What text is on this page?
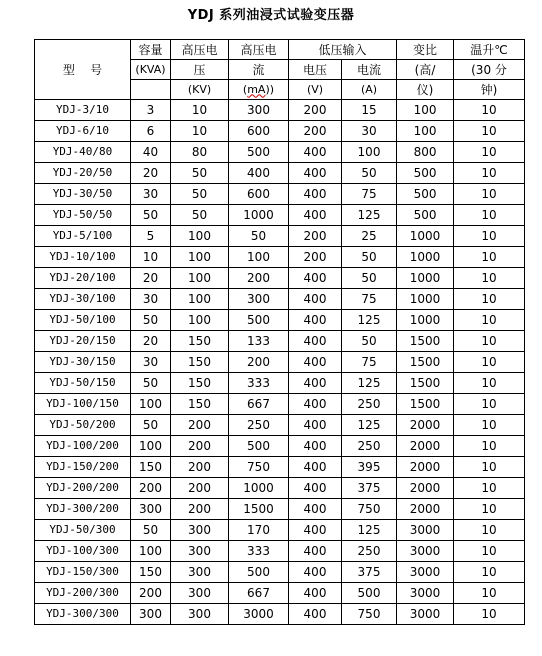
YDJ 系列油浸式试验变压器
型    号	容量	高压电	高压电	低压输入		变比	温升℃
	(KVA)	压	流	电压	电流	(高/	(30 分
		(KV)	(mA))	(V)	(A)	仪)	钟)
YDJ-3/10	3	10	300	200	15	100	10
YDJ-6/10	6	10	600	200	30	100	10
YDJ-40/80	40	80	500	400	100	800	10
YDJ-20/50	20	50	400	400	50	500	10
YDJ-30/50	30	50	600	400	75	500	10
YDJ-50/50	50	50	1000	400	125	500	10
YDJ-5/100	5	100	50	200	25	1000	10
YDJ-10/100	10	100	100	200	50	1000	10
YDJ-20/100	20	100	200	400	50	1000	10
YDJ-30/100	30	100	300	400	75	1000	10
YDJ-50/100	50	100	500	400	125	1000	10
YDJ-20/150	20	150	133	400	50	1500	10
YDJ-30/150	30	150	200	400	75	1500	10
YDJ-50/150	50	150	333	400	125	1500	10
YDJ-100/150	100	150	667	400	250	1500	10
YDJ-50/200	50	200	250	400	125	2000	10
YDJ-100/200	100	200	500	400	250	2000	10
YDJ-150/200	150	200	750	400	395	2000	10
YDJ-200/200	200	200	1000	400	375	2000	10
YDJ-300/200	300	200	1500	400	750	2000	10
YDJ-50/300	50	300	170	400	125	3000	10
YDJ-100/300	100	300	333	400	250	3000	10
YDJ-150/300	150	300	500	400	375	3000	10
YDJ-200/300	200	300	667	400	500	3000	10
YDJ-300/300	300	300	3000	400	750	3000	10
